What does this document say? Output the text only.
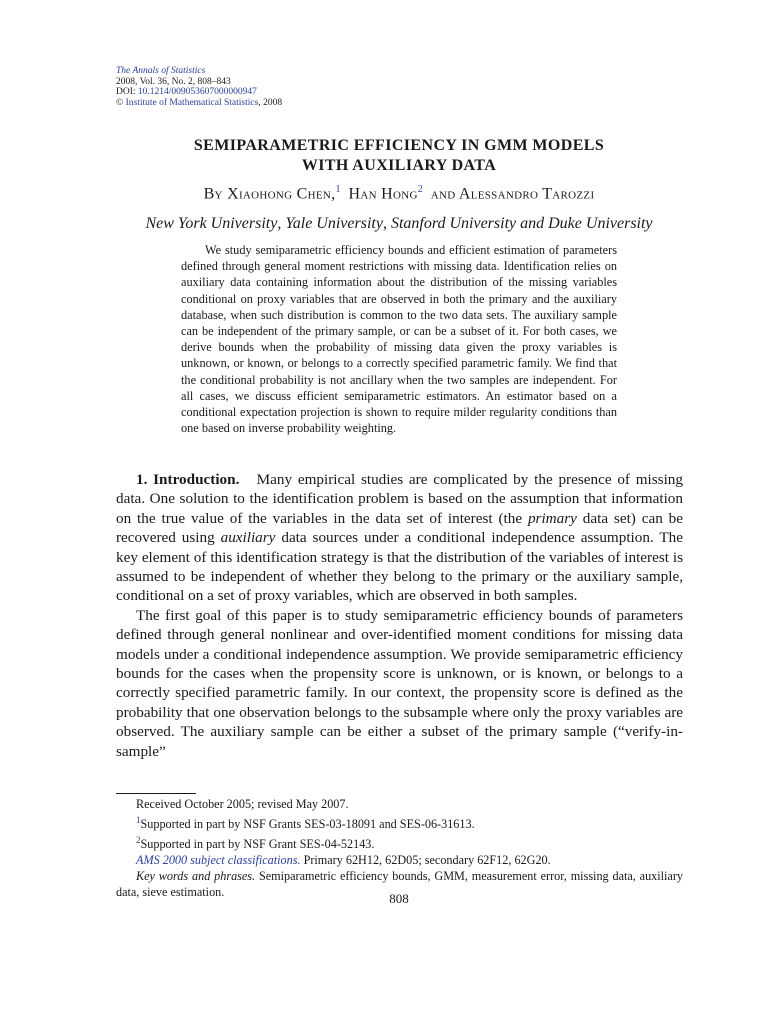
The Annals of Statistics
2008, Vol. 36, No. 2, 808–843
DOI: 10.1214/009053607000000947
© Institute of Mathematical Statistics, 2008
SEMIPARAMETRIC EFFICIENCY IN GMM MODELS
WITH AUXILIARY DATA
By Xiaohong Chen,$^1$ Han Hong$^2$ and Alessandro Tarozzi
New York University, Yale University, Stanford University and Duke University
We study semiparametric efficiency bounds and efficient estimation of parameters defined through general moment restrictions with missing data. Identification relies on auxiliary data containing information about the distribution of the missing variables conditional on proxy variables that are observed in both the primary and the auxiliary database, when such distribution is common to the two data sets. The auxiliary sample can be independent of the primary sample, or can be a subset of it. For both cases, we derive bounds when the probability of missing data given the proxy variables is unknown, or known, or belongs to a correctly specified parametric family. We find that the conditional probability is not ancillary when the two samples are independent. For all cases, we discuss efficient semiparametric estimators. An estimator based on a conditional expectation projection is shown to require milder regularity conditions than one based on inverse probability weighting.

1. Introduction. Many empirical studies are complicated by the presence of missing data. One solution to the identification problem is based on the assumption that information on the true value of the variables in the data set of interest (the primary data set) can be recovered using auxiliary data sources under a conditional independence assumption. The key element of this identification strategy is that the distribution of the variables of interest is assumed to be independent of whether they belong to the primary or the auxiliary sample, conditional on a set of proxy variables, which are observed in both samples.

The first goal of this paper is to study semiparametric efficiency bounds of parameters defined through general nonlinear and over-identified moment conditions for missing data models under a conditional independence assumption. We provide semiparametric efficiency bounds for the cases when the propensity score is unknown, or is known, or belongs to a correctly specified parametric family. In our context, the propensity score is defined as the probability that one observation belongs to the subsample where only the proxy variables are observed. The auxiliary sample can be either a subset of the primary sample (“verify-in-sample”

Received October 2005; revised May 2007.
$^1$Supported in part by NSF Grants SES-03-18091 and SES-06-31613.
$^2$Supported in part by NSF Grant SES-04-52143.
AMS 2000 subject classifications. Primary 62H12, 62D05; secondary 62F12, 62G20.
Key words and phrases. Semiparametric efficiency bounds, GMM, measurement error, missing data, auxiliary data, sieve estimation.	808
